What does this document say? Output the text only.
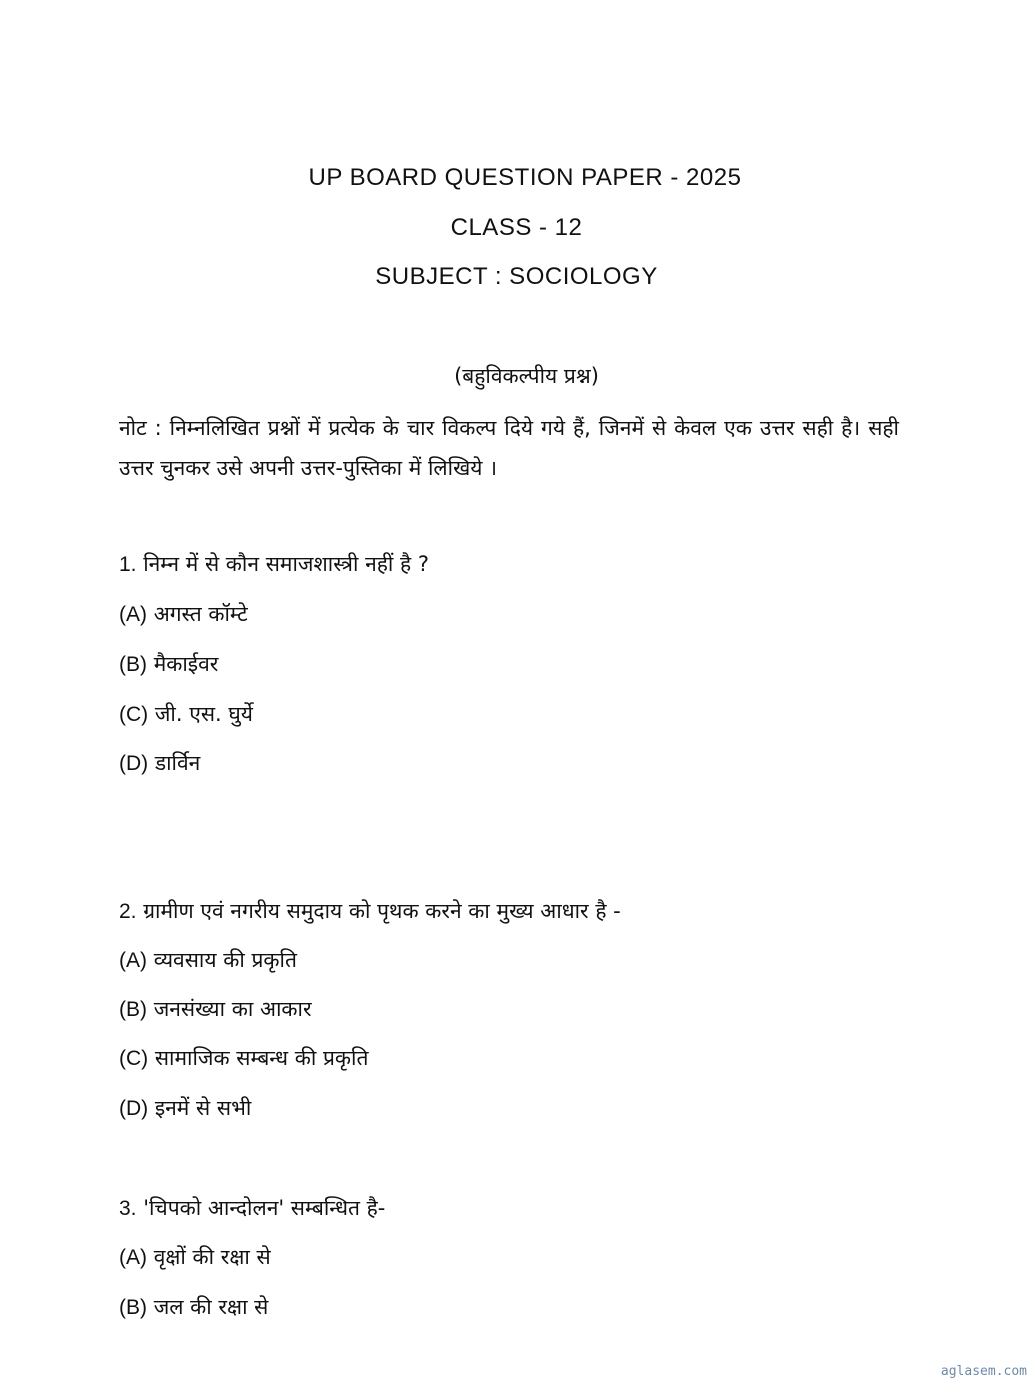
UP BOARD QUESTION PAPER - 2025
CLASS - 12
SUBJECT : SOCIOLOGY
(बहुविकल्पीय प्रश्न)
नोट : निम्नलिखित प्रश्नों में प्रत्येक के चार विकल्प दिये गये हैं, जिनमें से केवल एक उत्तर सही है। सही उत्तर चुनकर उसे अपनी उत्तर-पुस्तिका में लिखिये ।
1. निम्न में से कौन समाजशास्त्री नहीं है ?
(A) अगस्त कॉम्टे
(B) मैकाईवर
(C) जी. एस. घुर्ये
(D) डार्विन
2. ग्रामीण एवं नगरीय समुदाय को पृथक करने का मुख्य आधार है -
(A) व्यवसाय की प्रकृति
(B) जनसंख्या का आकार
(C) सामाजिक सम्बन्ध की प्रकृति
(D) इनमें से सभी
3. 'चिपको आन्दोलन' सम्बन्धित है-
(A) वृक्षों की रक्षा से
(B) जल की रक्षा से
aglasem.com
